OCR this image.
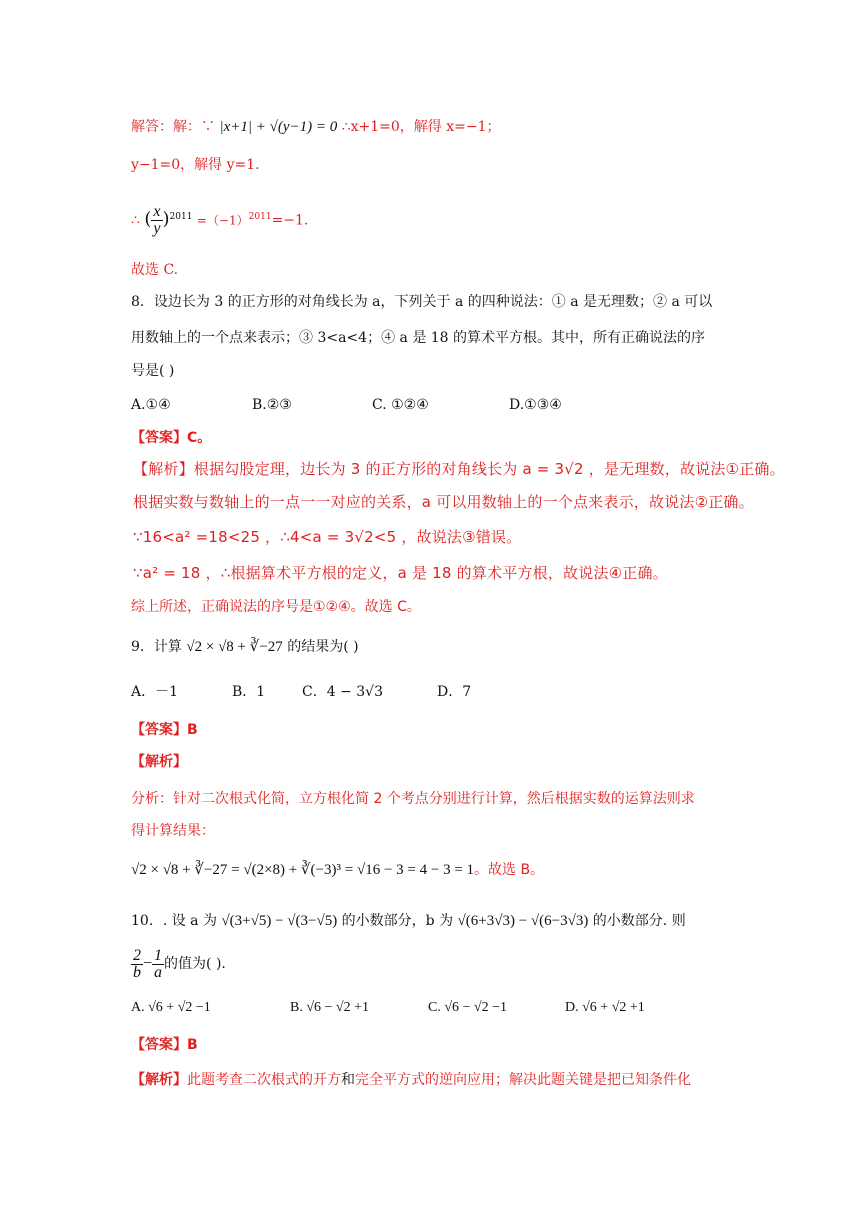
解答：解：∵ |x+1| + √(y−1) = 0 ∴x+1=0，解得 x=−1；
y−1=0，解得 y=1.
∴ ( $\frac{x}{y} )^{2011} =(-1)^{2011}=-1$.
故选 C.
8．设边长为 3 的正方形的对角线长为 a，下列关于 a 的四种说法：① a 是无理数；② a 可以
用数轴上的一个点来表示；③ 3<a<4；④ a 是 18 的算术平方根。其中，所有正确说法的序
号是( )
A.①④	B.②③	C. ①②④	D.①③④
【答案】C。
【解析】根据勾股定理，边长为 3 的正方形的对角线长为 a = 3√2 ，是无理数，故说法①正确。
根据实数与数轴上的一点一一对应的关系，a 可以用数轴上的一个点来表示，故说法②正确。
∵16<a² =18<25 ，∴4<a = 3√2<5 ，故说法③错误。
∵a² = 18 ，∴根据算术平方根的定义，a 是 18 的算术平方根，故说法④正确。
综上所述，正确说法的序号是①②④。故选 C。
9．计算 √2 × √8 + ∛−27 的结果为( )
A．－1	B．1	C．4 − 3√3	D．7
【答案】B
【解析】
分析：针对二次根式化简，立方根化简 2 个考点分别进行计算，然后根据实数的运算法则求
得计算结果：
√2 × √8 + ∛−27 = √(2×8) + ∛(−3)³ = √16 − 3 = 4 − 3 = 1。故选 B。
10．. 设 a 为 √(3+√5) − √(3−√5) 的小数部分，b 为 √(6+3√3) − √(6−3√3) 的小数部分. 则
$\frac{2}{b} - \frac{1}{a}$ 的值为( ).
A. √6 + √2 −1	B. √6 − √2 +1	C. √6 − √2 −1	D. √6 + √2 +1
【答案】B
【解析】此题考查二次根式的开方和完全平方式的逆向应用；解决此题关键是把已知条件化
